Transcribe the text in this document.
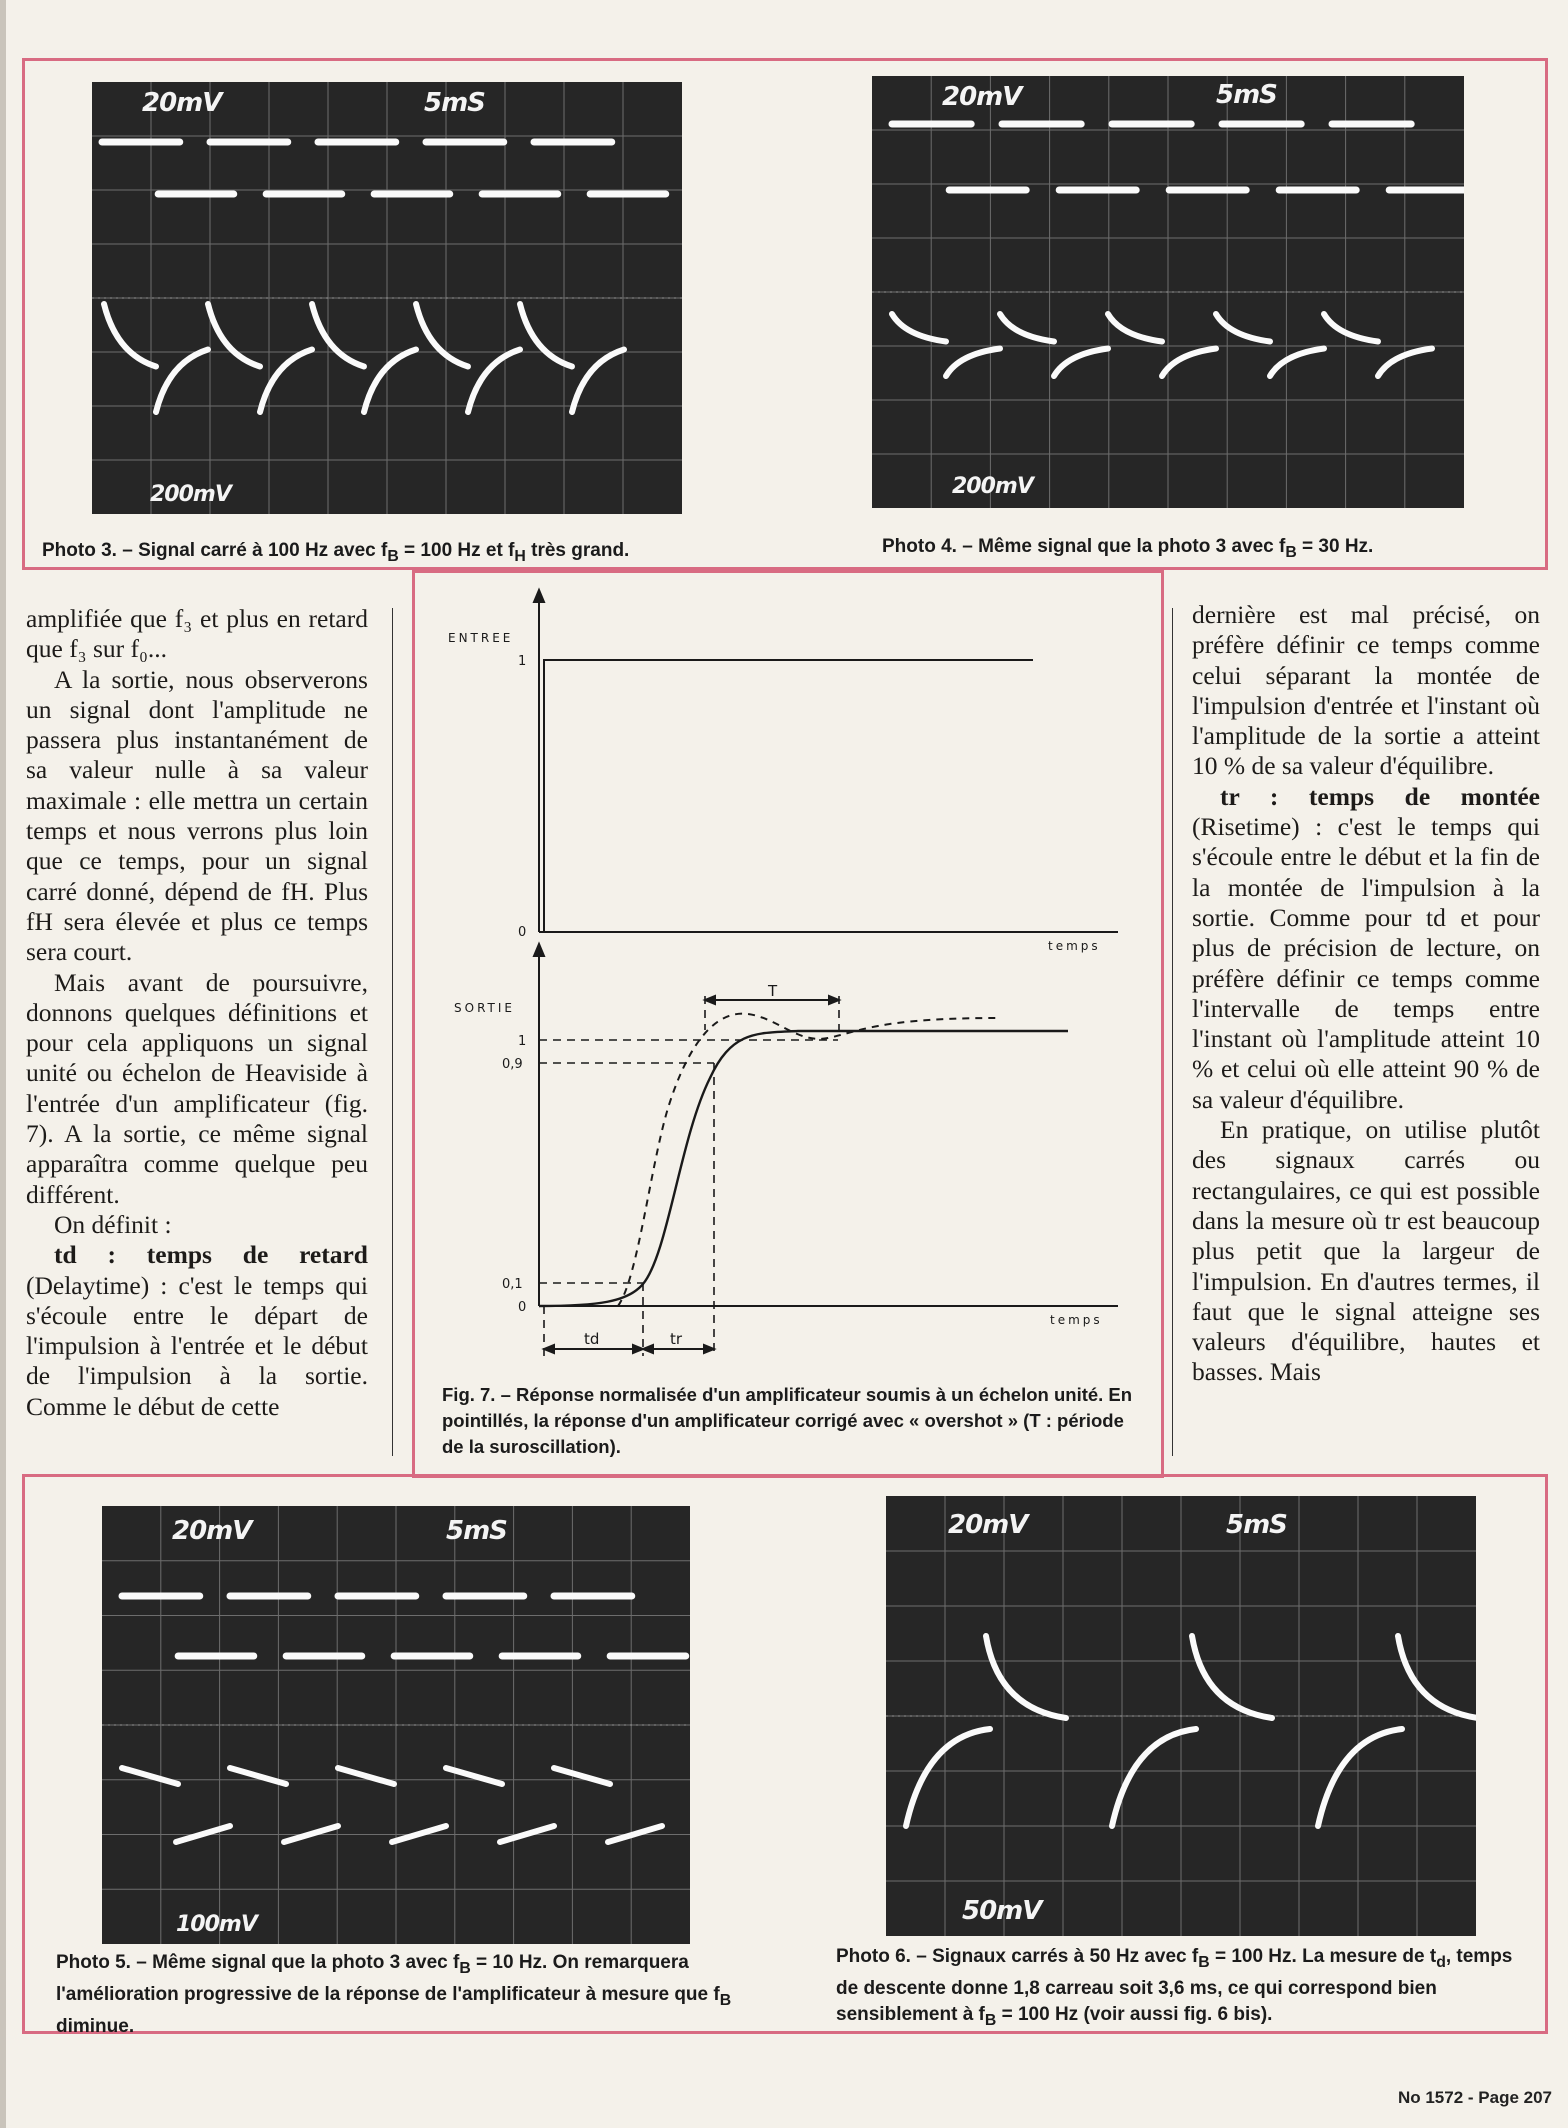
20mV	5mS
200mV
Photo 3. – Signal carré à 100 Hz avec $f_B = 100$ Hz et $f_H$ très grand.
20mV	5mS
200mV
Photo 4. – Même signal que la photo 3 avec $f_B = 30$ Hz.

amplifiée que f₃ et plus en retard que f₃ sur f₀...

A la sortie, nous observerons un signal dont l'amplitude ne passera plus instantanément de sa valeur nulle à sa valeur maximale : elle mettra un certain temps et nous verrons plus loin que ce temps, pour un signal carré donné, dépend de fH. Plus fH sera élevée et plus ce temps sera court.

Mais avant de poursuivre, donnons quelques définitions et pour cela appliquons un signal unité ou échelon de Heaviside à l'entrée d'un amplificateur (fig. 7). A la sortie, ce même signal apparaîtra comme quelque peu différent.

On définit :

td : temps de retard (Delaytime) : c'est le temps qui s'écoule entre le départ de l'impulsion à l'entrée et le début de l'impulsion à la sortie. Comme le début de cette

dernière est mal précisé, on préfère définir ce temps comme celui séparant la montée de l'impulsion d'entrée et l'instant où l'amplitude de la sortie a atteint 10 % de sa valeur d'équilibre.

tr : temps de montée (Risetime) : c'est le temps qui s'écoule entre le début et la fin de la montée de l'impulsion à la sortie. Comme pour td et pour plus de précision de lecture, on préfère définir ce temps comme l'intervalle de temps entre l'instant où l'amplitude atteint 10 % et celui où elle atteint 90 % de sa valeur d'équilibre.

En pratique, on utilise plutôt des signaux carrés ou rectangulaires, ce qui est possible dans la mesure où tr est beaucoup plus petit que la largeur de l'impulsion. En d'autres termes, il faut que le signal atteigne ses valeurs d'équilibre, hautes et basses. Mais

ENTREE
SORTIE
temps
temps
1
0
1
0,9
0,1
0
T
td	tr
Fig. 7. – Réponse normalisée d'un amplificateur soumis à un échelon unité. En pointillés, la réponse d'un amplificateur corrigé avec « overshot » (T : période de la suroscillation).
20mV	5mS
100mV
Photo 5. – Même signal que la photo 3 avec $f_B = 10$ Hz. On remarquera l'amélioration progressive de la réponse de l'amplificateur à mesure que $f_B$ diminue.
20mV	5mS
50mV
Photo 6. – Signaux carrés à 50 Hz avec $f_B = 100$ Hz. La mesure de $t_d$, temps de descente donne 1,8 carreau soit 3,6 ms, ce qui correspond bien sensiblement à $f_B = 100$ Hz (voir aussi fig. 6 bis).
No 1572 - Page 207
